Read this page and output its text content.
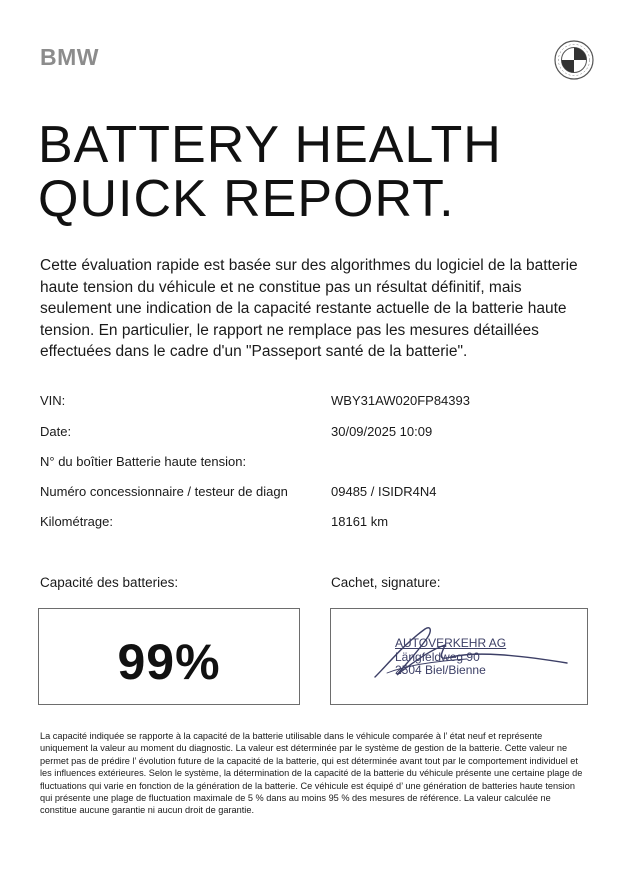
BMW
BATTERY HEALTH
QUICK REPORT.

Cette évaluation rapide est basée sur des algorithmes du logiciel de la batterie haute tension du véhicule et ne constitue pas un résultat définitif, mais seulement une indication de la capacité restante actuelle de la batterie haute tension. En particulier, le rapport ne remplace pas les mesures détaillées effectuées dans le cadre d'un "Passeport santé de la batterie".

VIN:	WBY31AW020FP84393
Date:	30/09/2025 10:09
N° du boîtier Batterie haute tension:
Numéro concessionnaire / testeur de diagn	09485 / ISIDR4N4
Kilométrage:	18161 km
Capacité des batteries:	Cachet, signature:
99%	AUTOVERKEHR AG
Längfeldweg 90
2504 Biel/Bienne

La capacité indiquée se rapporte à la capacité de la batterie utilisable dans le véhicule comparée à l’ état neuf et représente uniquement la valeur au moment du diagnostic. La valeur est déterminée par le système de gestion de la batterie. Cette valeur ne permet pas de prédire l’ évolution future de la capacité de la batterie, qui est déterminée avant tout par le comportement individuel et les influences extérieures. Selon le système, la détermination de la capacité de la batterie du véhicule présente une certaine plage de fluctuations qui varie en fonction de la génération de la batterie. Ce véhicule est équipé d’ une génération de batteries haute tension qui présente une plage de fluctuation maximale de 5 % dans au moins 95 % des mesures de référence. La valeur calculée ne constitue aucune garantie ni aucun droit de garantie.
